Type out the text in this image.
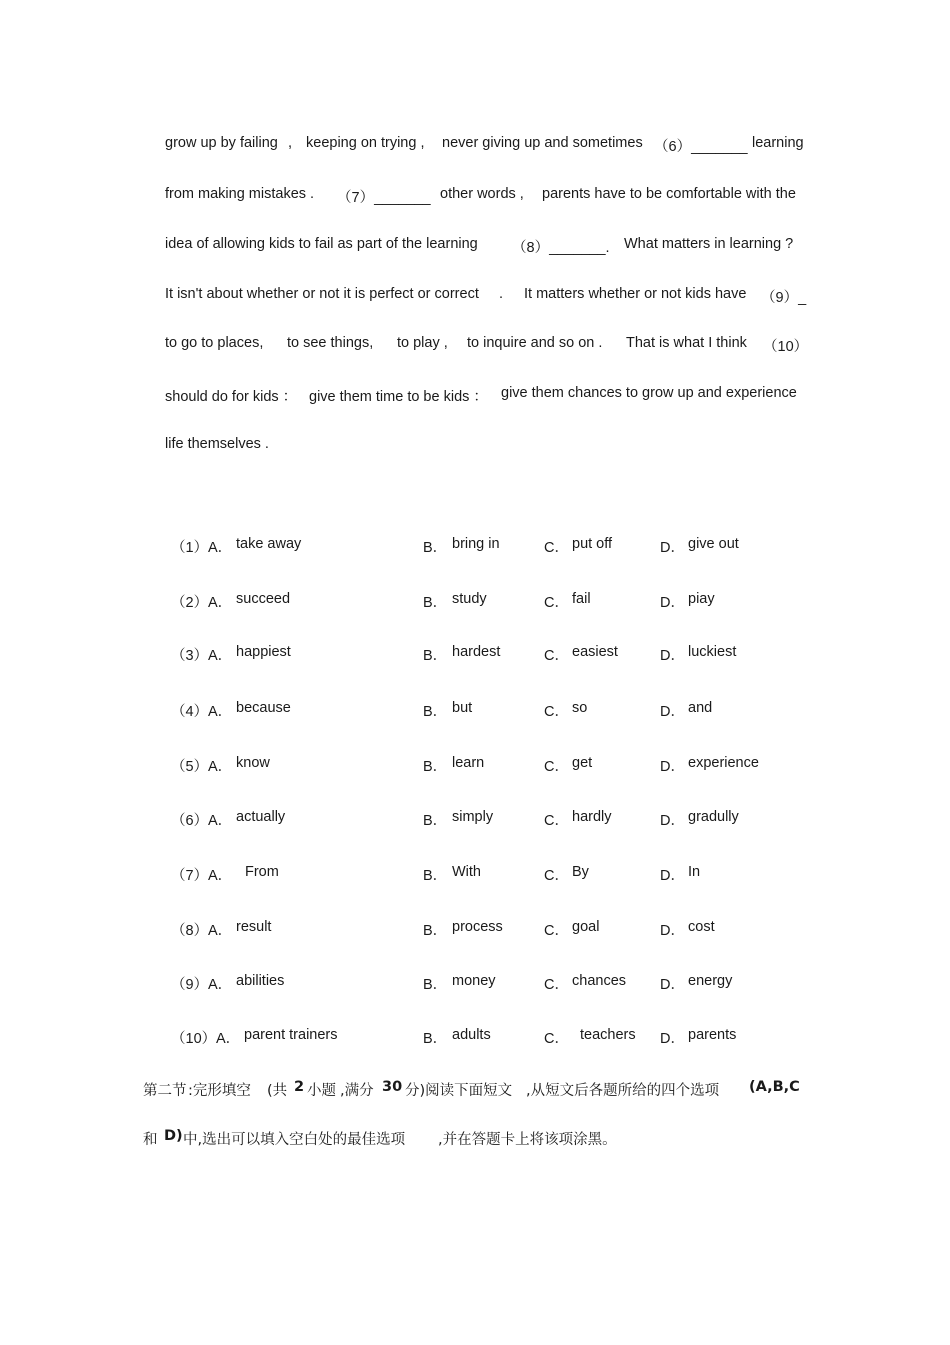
grow up by failing , keeping on trying , never giving up and sometimes （6）_______ learning
from making mistakes . （7）_______ other words , parents have to be comfortable with the
idea of allowing kids to fail as part of the learning （8）_______. What matters in learning ?
It isn't about whether or not it is perfect or correct . It matters whether or not kids have （9）_
to go to places, to see things, to play , to inquire and so on . That is what I think （10）
should do for kids ： give them time to be kids ： give them chances to grow up and experience
life themselves .
（1） A． take away	B． bring in	C． put off	D． give out
（2） A． succeed	B． study	C． fail	D． piay
（3） A． happiest	B． hardest	C． easiest	D． luckiest
（4） A． because	B． but	C． so	D． and
（5） A． know	B． learn	C． get	D． experience
（6） A． actually	B． simply	C． hardly	D． gradully
（7） A． From	B． With	C． By	D． In
（8） A． result	B． process	C． goal	D． cost
（9） A． abilities	B． money	C． chances D． energy
（10） A． parent trainers	B． adults	C． teachers D． parents
第二节 :完形填空 (共 2 小题 ,满分 30 分)阅读下面短文 ,从短文后各题所给的四个选项 (A,B,C
和 D) 中,选出可以填入空白处的最佳选项 ,并在答题卡上将该项涂黑。
